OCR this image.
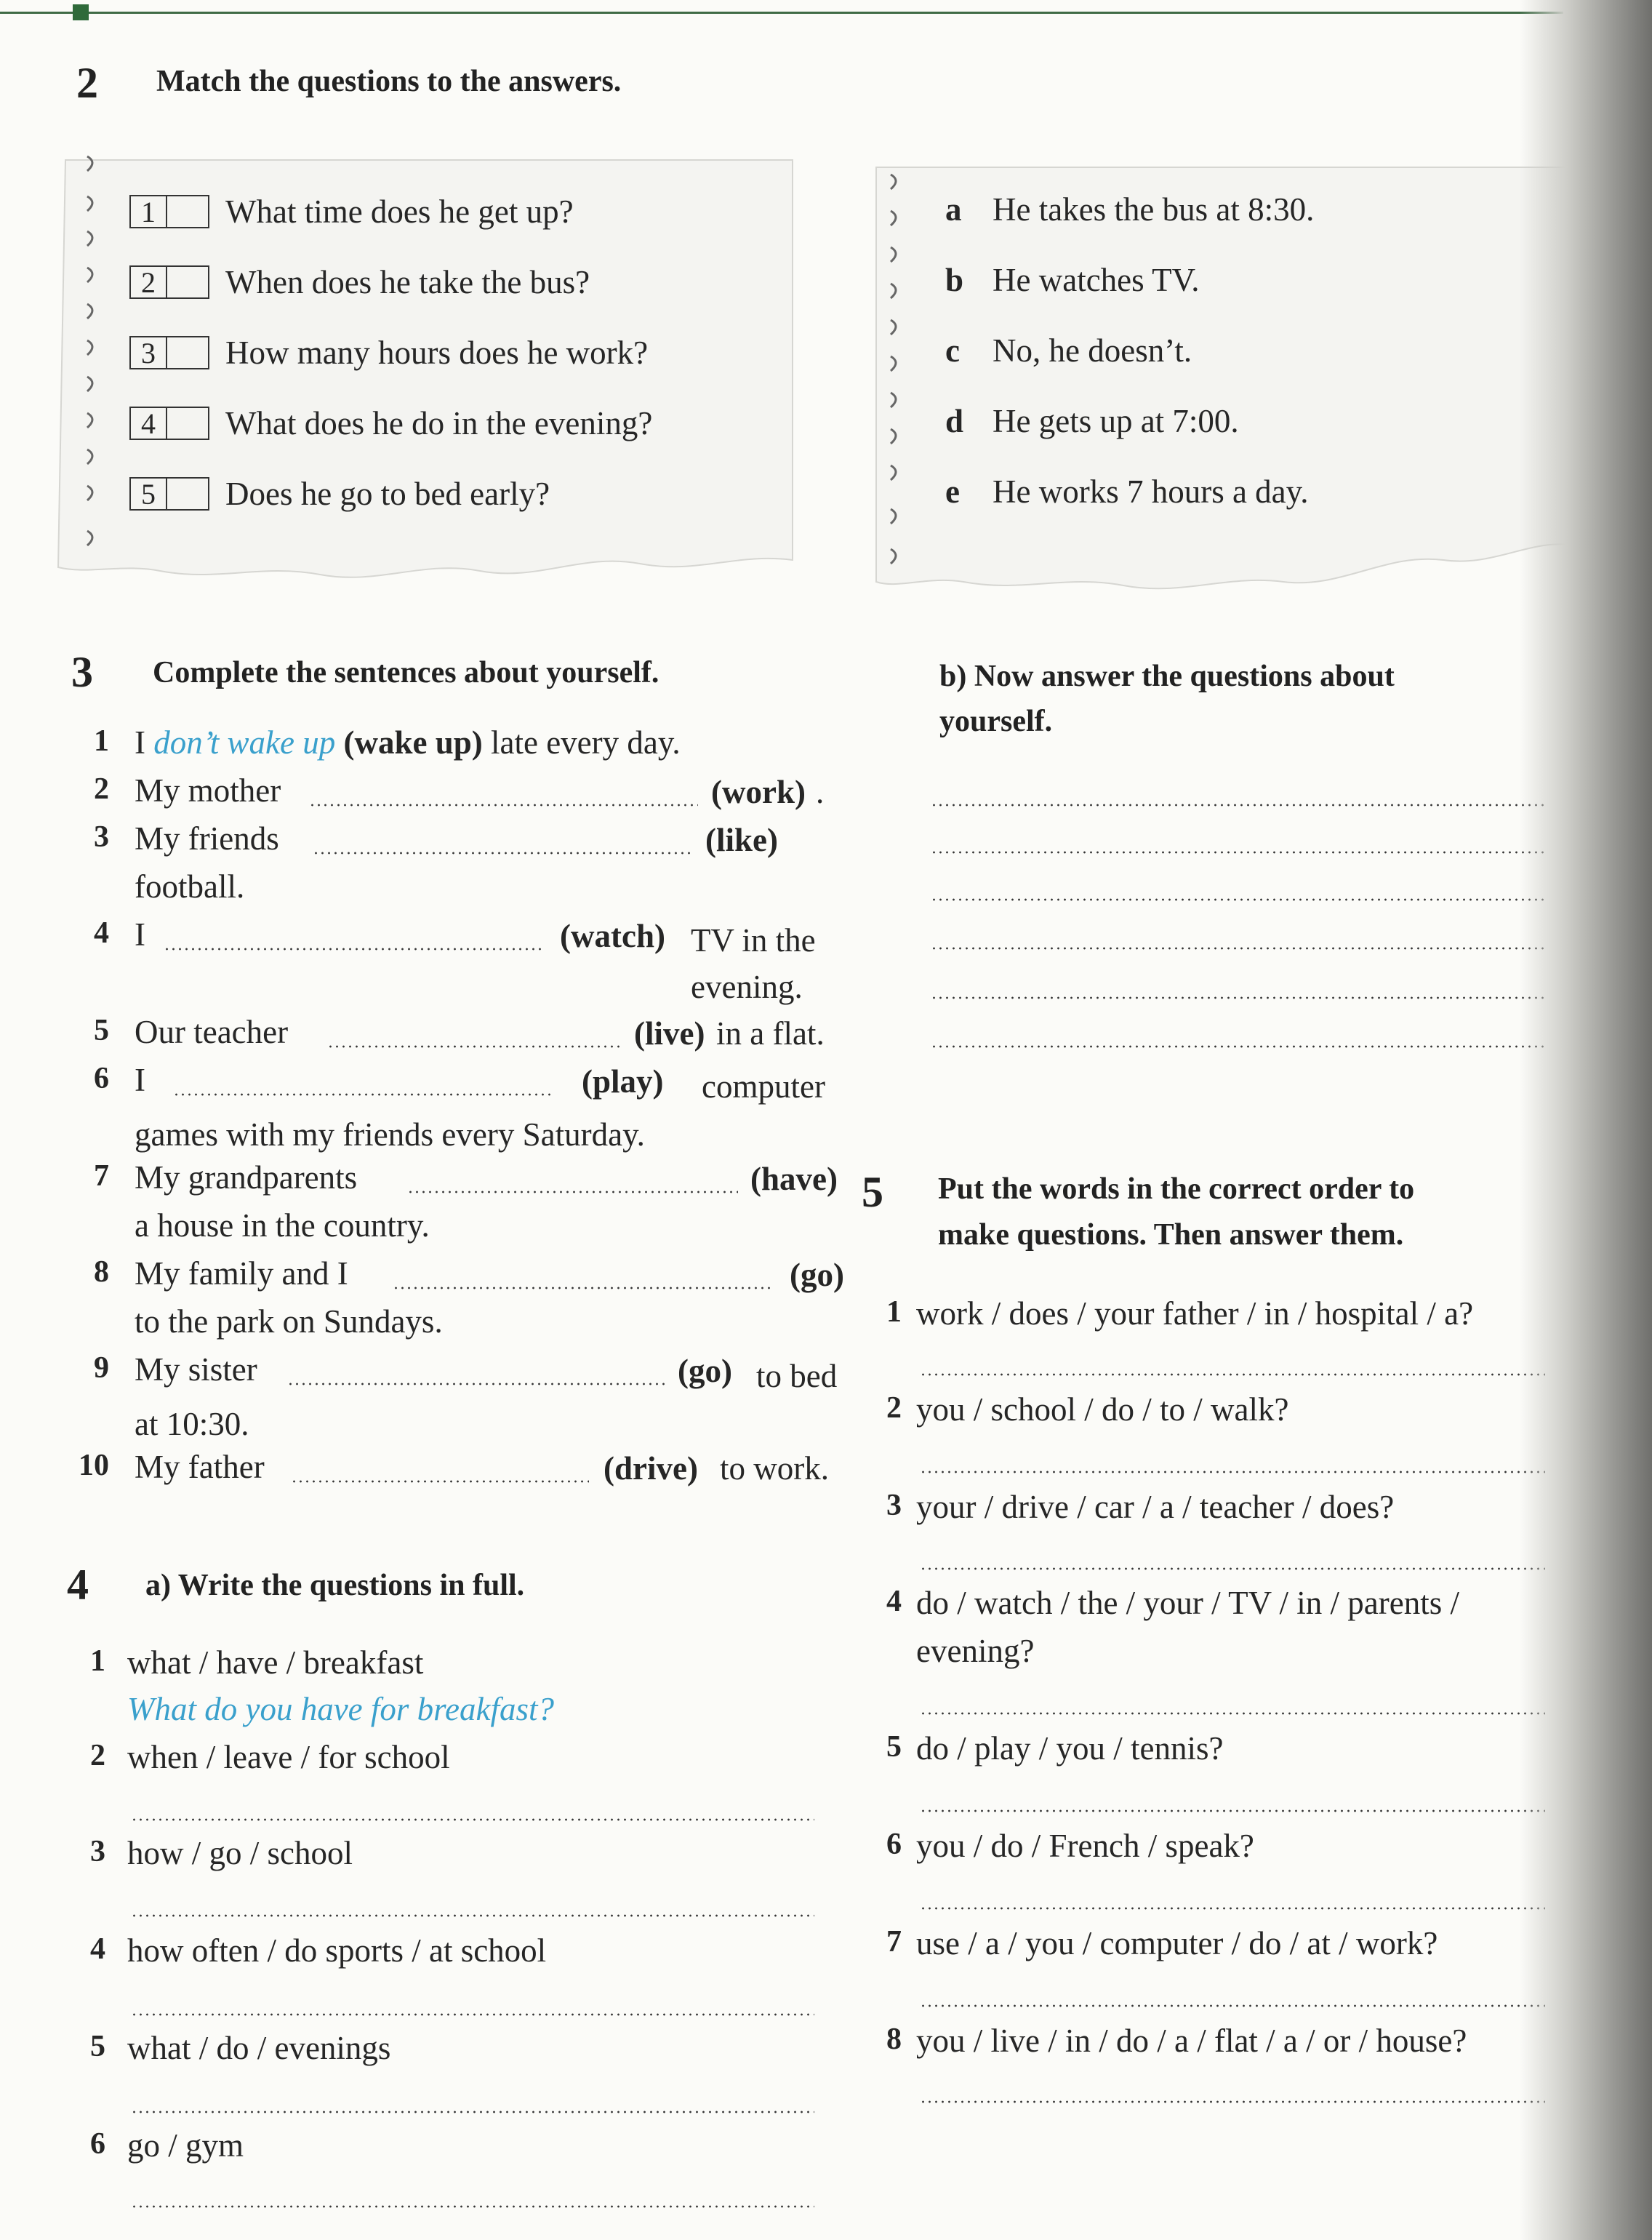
2 Match the questions to the answers.
1	What time does he get up?
2	When does he take the bus?
3	How many hours does he work?
4	What does he do in the evening?
5	Does he go to bed early?
a He takes the bus at 8:30.
b He watches TV.
c	No, he doesn’t.
d He gets up at 7:00.
e	He works 7 hours a day.
3 Complete the sentences about yourself.
1 I don’t wake up (wake up) late every day.
2 My mother	(work) .
3 My friends	(like)
football.
4 I	(watch) TV in the evening.
5 Our teacher	(live) in a flat.
6 I	(play)	computer games with my friends every Saturday.
7 My grandparents	(have)
a house in the country.
8 My family and I	(go)
to the park on Sundays.
9 My sister	(go) to bed at 10:30.
10 My father	(drive) to work.
b) Now answer the questions about
yourself.
4 a) Write the questions in full.
1 what / have / breakfast
What do you have for breakfast?
2 when / leave / for school
3 how / go / school
4 how often / do sports / at school
5 what / do / evenings
6 go / gym
5 Put the words in the correct order to
make questions. Then answer them.
1 work / does / your father / in / hospital / a?
2 you / school / do / to / walk?
3 your / drive / car / a / teacher / does?
4 do / watch / the / your / TV / in / parents /
evening?
5 do / play / you / tennis?
6 you / do / French / speak?
7 use / a / you / computer / do / at / work?
8 you / live / in / do / a / flat / a / or / house?
